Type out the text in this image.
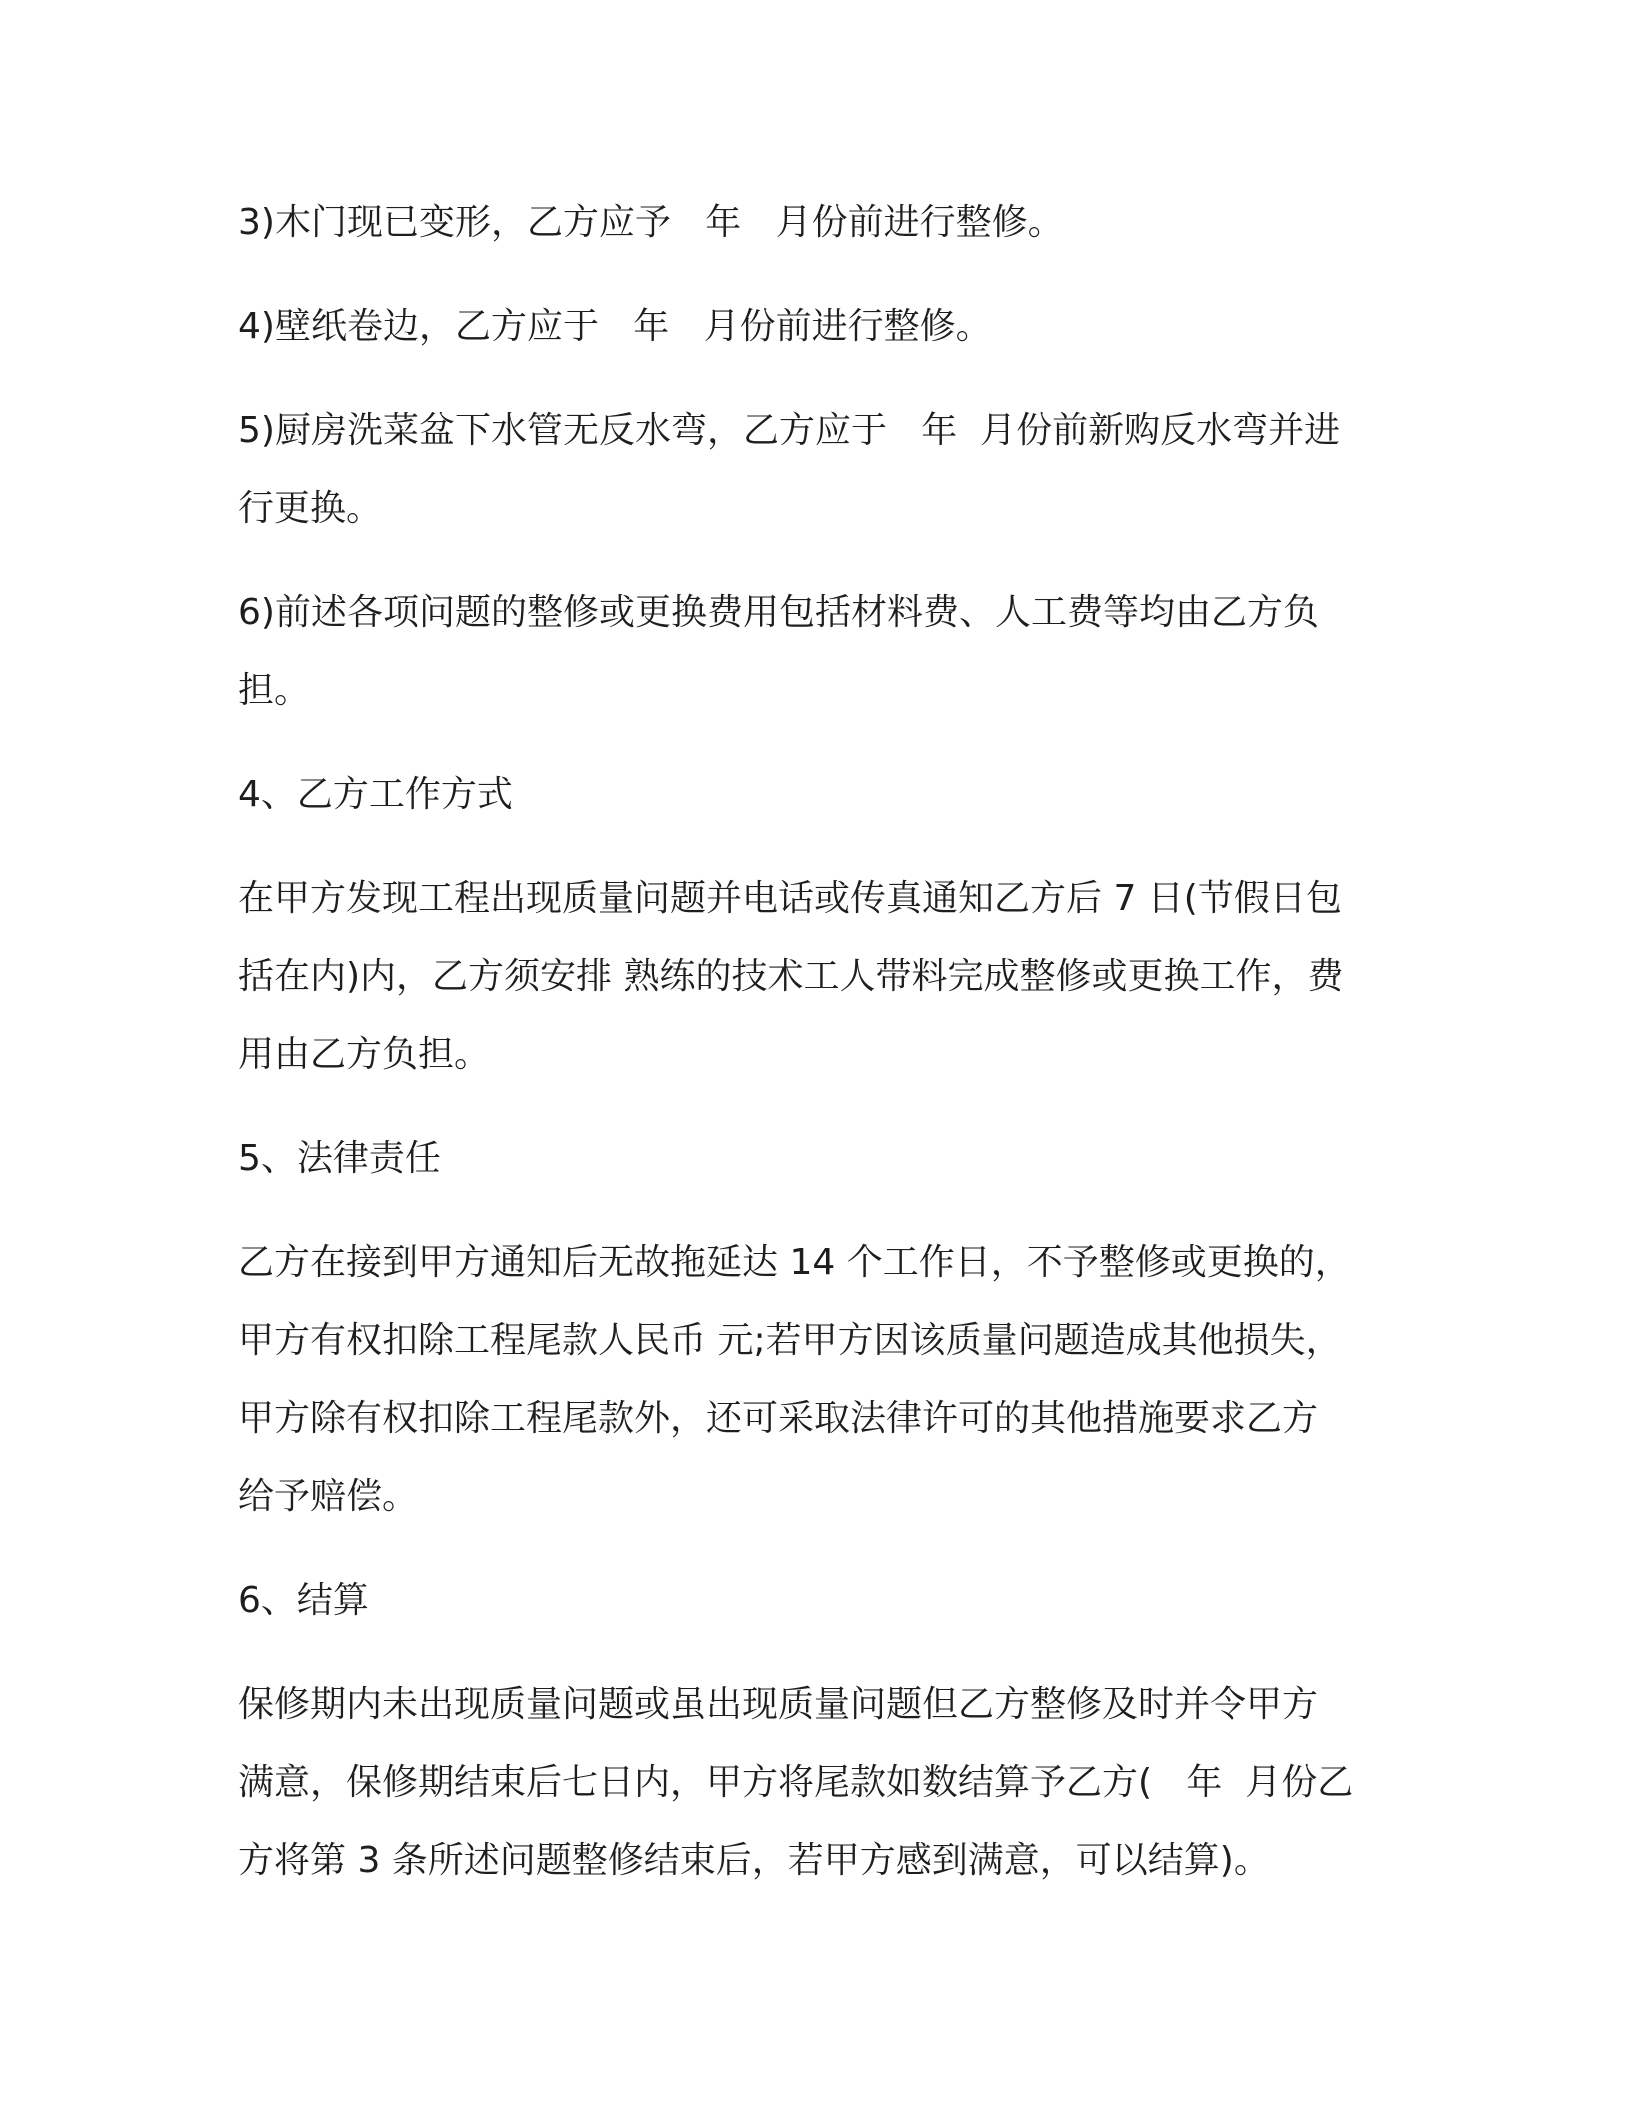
3)木门现已变形，乙方应予   年   月份前进行整修。

4)壁纸卷边，乙方应于   年   月份前进行整修。

5)厨房洗菜盆下水管无反水弯，乙方应于   年  月份前新购反水弯并进
行更换。

6)前述各项问题的整修或更换费用包括材料费、人工费等均由乙方负
担。

4、乙方工作方式

在甲方发现工程出现质量问题并电话或传真通知乙方后 7 日(节假日包
括在内)内，乙方须安排 熟练的技术工人带料完成整修或更换工作，费
用由乙方负担。

5、法律责任

乙方在接到甲方通知后无故拖延达 14 个工作日，不予整修或更换的，
甲方有权扣除工程尾款人民币 元;若甲方因该质量问题造成其他损失，
甲方除有权扣除工程尾款外，还可采取法律许可的其他措施要求乙方
给予赔偿。

6、结算

保修期内未出现质量问题或虽出现质量问题但乙方整修及时并令甲方
满意，保修期结束后七日内，甲方将尾款如数结算予乙方(   年  月份乙
方将第 3 条所述问题整修结束后，若甲方感到满意，可以结算)。
